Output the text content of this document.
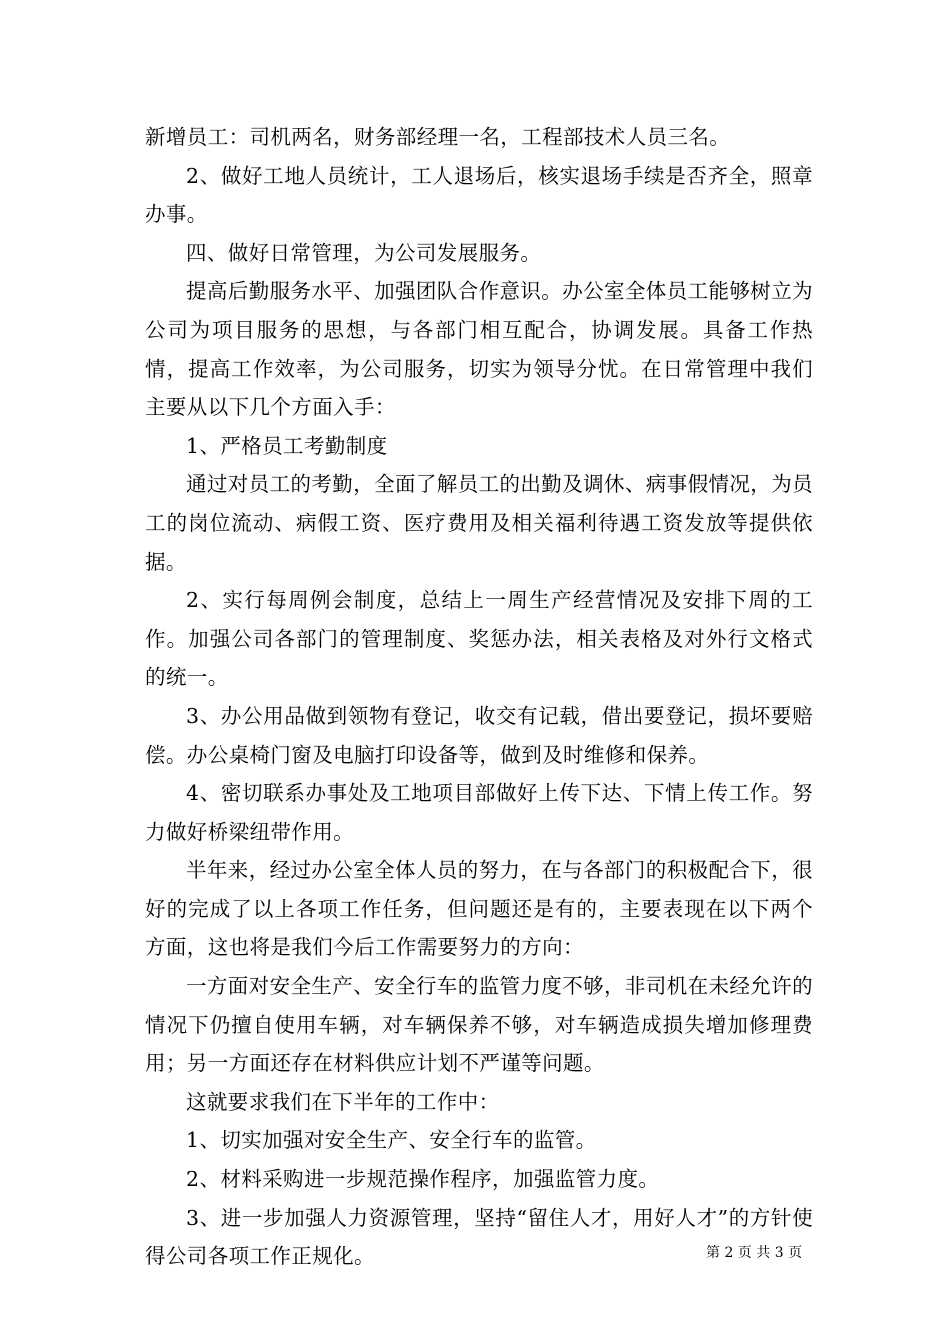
新增员工：司机两名，财务部经理一名，工程部技术人员三名。

2、做好工地人员统计，工人退场后，核实退场手续是否齐全，照章办事。

四、做好日常管理，为公司发展服务。

提高后勤服务水平、加强团队合作意识。办公室全体员工能够树立为公司为项目服务的思想，与各部门相互配合，协调发展。具备工作热情，提高工作效率，为公司服务，切实为领导分忧。在日常管理中我们主要从以下几个方面入手：

1、严格员工考勤制度

通过对员工的考勤，全面了解员工的出勤及调休、病事假情况，为员工的岗位流动、病假工资、医疗费用及相关福利待遇工资发放等提供依据。

2、实行每周例会制度，总结上一周生产经营情况及安排下周的工作。加强公司各部门的管理制度、奖惩办法，相关表格及对外行文格式的统一。

3、办公用品做到领物有登记，收交有记载，借出要登记，损坏要赔偿。办公桌椅门窗及电脑打印设备等，做到及时维修和保养。

4、密切联系办事处及工地项目部做好上传下达、下情上传工作。努力做好桥梁纽带作用。

半年来，经过办公室全体人员的努力，在与各部门的积极配合下，很好的完成了以上各项工作任务，但问题还是有的，主要表现在以下两个方面，这也将是我们今后工作需要努力的方向：

一方面对安全生产、安全行车的监管力度不够，非司机在未经允许的情况下仍擅自使用车辆，对车辆保养不够，对车辆造成损失增加修理费用；另一方面还存在材料供应计划不严谨等问题。

这就要求我们在下半年的工作中：

1、切实加强对安全生产、安全行车的监管。

2、材料采购进一步规范操作程序，加强监管力度。

3、进一步加强人力资源管理，坚持“留住人才，用好人才”的方针使得公司各项工作正规化。	第 2 页 共 3 页
